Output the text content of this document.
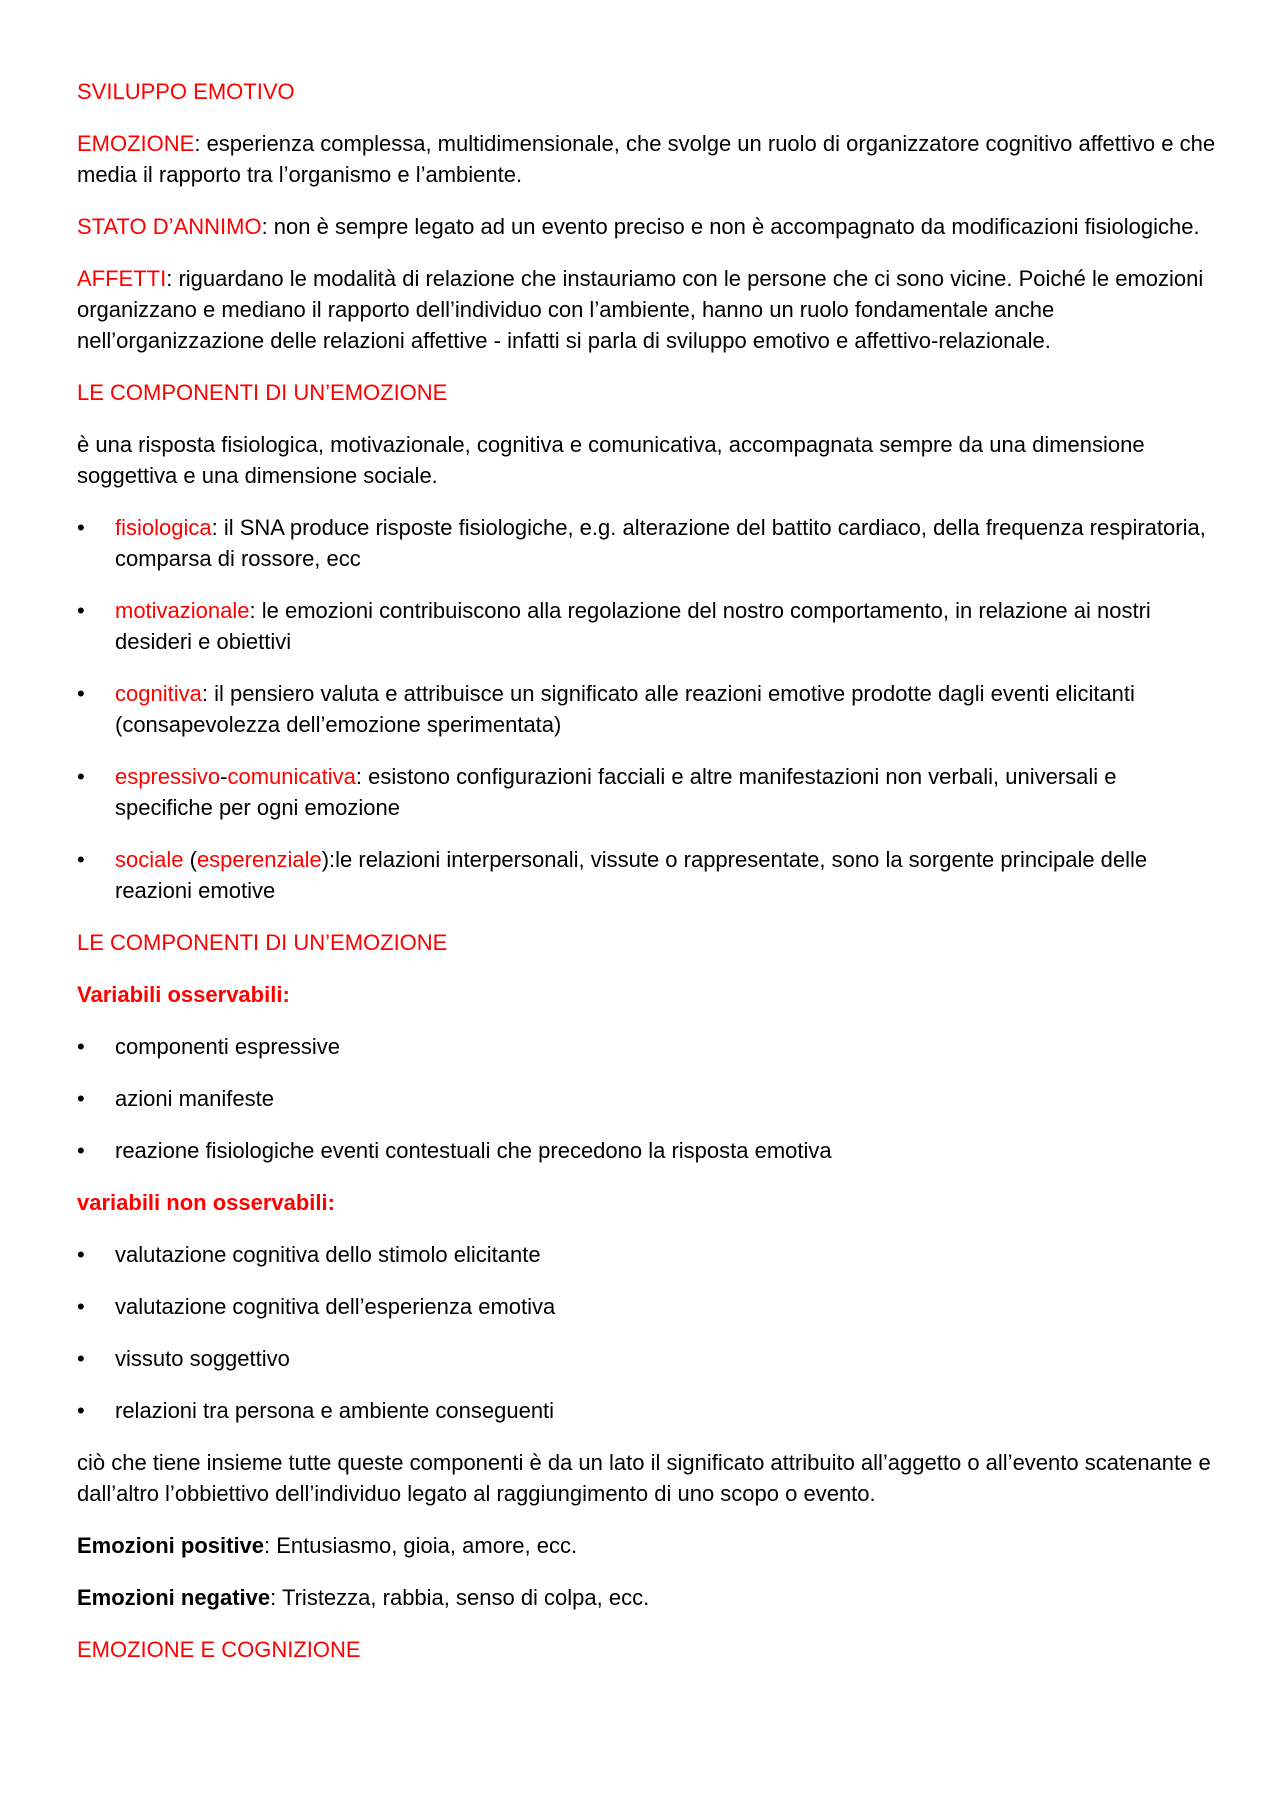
SVILUPPO EMOTIVO

EMOZIONE: esperienza complessa, multidimensionale, che svolge un ruolo di organizzatore cognitivo affettivo e che media il rapporto tra l’organismo e l’ambiente.

STATO D’ANNIMO: non è sempre legato ad un evento preciso e non è accompagnato da modificazioni fisiologiche.

AFFETTI: riguardano le modalità di relazione che instauriamo con le persone che ci sono vicine. Poiché le emozioni organizzano e mediano il rapporto dell’individuo con l’ambiente, hanno un ruolo fondamentale anche nell’organizzazione delle relazioni affettive - infatti si parla di sviluppo emotivo e affettivo-relazionale.

LE COMPONENTI DI UN’EMOZIONE

è una risposta fisiologica, motivazionale, cognitiva e comunicativa, accompagnata sempre da una dimensione soggettiva e una dimensione sociale.

•	fisiologica: il SNA produce risposte fisiologiche, e.g. alterazione del battito cardiaco, della frequenza respiratoria, comparsa di rossore, ecc
•	motivazionale: le emozioni contribuiscono alla regolazione del nostro comportamento, in relazione ai nostri desideri e obiettivi
•	cognitiva: il pensiero valuta e attribuisce un significato alle reazioni emotive prodotte dagli eventi elicitanti (consapevolezza dell’emozione sperimentata)
•	espressivo-comunicativa: esistono configurazioni facciali e altre manifestazioni non verbali, universali e specifiche per ogni emozione
•	sociale (esperenziale):le relazioni interpersonali, vissute o rappresentate, sono la sorgente principale delle reazioni emotive

LE COMPONENTI DI UN’EMOZIONE

Variabili osservabili:

•	componenti espressive
•	azioni manifeste
•	reazione fisiologiche eventi contestuali che precedono la risposta emotiva

variabili non osservabili:

•	valutazione cognitiva dello stimolo elicitante
•	valutazione cognitiva dell’esperienza emotiva
•	vissuto soggettivo
•	relazioni tra persona e ambiente conseguenti

ciò che tiene insieme tutte queste componenti è da un lato il significato attribuito all’aggetto o all’evento scatenante e dall’altro l’obbiettivo dell’individuo legato al raggiungimento di uno scopo o evento.

Emozioni positive: Entusiasmo, gioia, amore, ecc.

Emozioni negative: Tristezza, rabbia, senso di colpa, ecc.

EMOZIONE E COGNIZIONE
